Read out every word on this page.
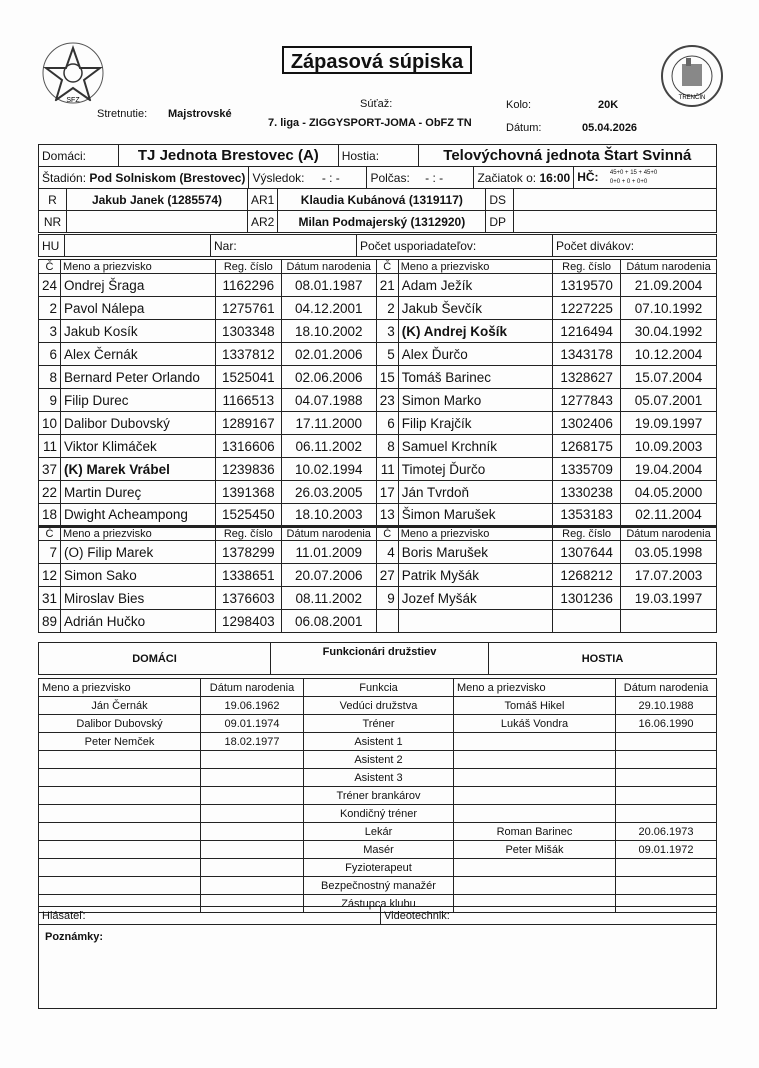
SFZ	TRENČÍN
Zápasová súpiska
Stretnutie: Majstrovské
Súťaž:
7. liga - ZIGGYSPORT-JOMA - ObFZ TN
Kolo:	20K
Dátum:	05.04.2026
Domáci:	TJ Jednota Brestovec (A)	Hostia:	Telovýchovná jednota Štart Svinná
Štadión: Pod Solniskom (Brestovec)	Výsledok: - : -	Polčas: - : -	Začiatok o: 16:00	HČ: 45+0 + 15 + 45+0
0+0 + 0 + 0+0
R	Jakub Janek (1285574)	AR1	Klaudia Kubánová (1319117)	DS	
NR		AR2	Milan Podmajerský (1312920)	DP	
HU		Nar:	Počet usporiadateľov:	Počet divákov:
Č	Meno a priezvisko	Reg. číslo	Dátum narodenia	Č	Meno a priezvisko	Reg. číslo	Dátum narodenia
24	Ondrej Šraga	1162296	08.01.1987	21	Adam Ježík	1319570	21.09.2004
2	Pavol Nálepa	1275761	04.12.2001	2	Jakub Ševčík	1227225	07.10.1992
3	Jakub Kosík	1303348	18.10.2002	3	(K) Andrej Košík	1216494	30.04.1992
6	Alex Černák	1337812	02.01.2006	5	Alex Ďurčo	1343178	10.12.2004
8	Bernard Peter Orlando	1525041	02.06.2006	15	Tomáš Barinec	1328627	15.07.2004
9	Filip Durec	1166513	04.07.1988	23	Simon Marko	1277843	05.07.2001
10	Dalibor Dubovský	1289167	17.11.2000	6	Filip Krajčík	1302406	19.09.1997
11	Viktor Klimáček	1316606	06.11.2002	8	Samuel Krchník	1268175	10.09.2003
37	(K) Marek Vrábel	1239836	10.02.1994	11	Timotej Ďurčo	1335709	19.04.2004
22	Martin Dureç	1391368	26.03.2005	17	Ján Tvrdoň	1330238	04.05.2000
18	Dwight Acheampong	1525450	18.10.2003	13	Šimon Marušek	1353183	02.11.2004
Č	Meno a priezvisko	Reg. číslo	Dátum narodenia	Č	Meno a priezvisko	Reg. číslo	Dátum narodenia
7	(O) Filip Marek	1378299	11.01.2009	4	Boris Marušek	1307644	03.05.1998
12	Simon Sako	1338651	20.07.2006	27	Patrik Myšák	1268212	17.07.2003
31	Miroslav Bies	1376603	08.11.2002	9	Jozef Myšák	1301236	19.03.1997
89	Adrián Hučko	1298403	06.08.2001				
DOMÁCI	Funkcionári družstiev	HOSTIA
Meno a priezvisko	Dátum narodenia	Funkcia	Meno a priezvisko	Dátum narodenia
Ján Černák	19.06.1962	Vedúci družstva	Tomáš Hikel	29.10.1988
Dalibor Dubovský	09.01.1974	Tréner	Lukáš Vondra	16.06.1990
Peter Nemček	18.02.1977	Asistent 1		
		Asistent 2		
		Asistent 3		
		Tréner brankárov		
		Kondičný tréner		
		Lekár	Roman Barinec	20.06.1973
		Masér	Peter Mišák	09.01.1972
		Fyzioterapeut		
		Bezpečnostný manažér		
		Zástupca klubu		
Hlásateľ:	Videotechnik:
Poznámky:
